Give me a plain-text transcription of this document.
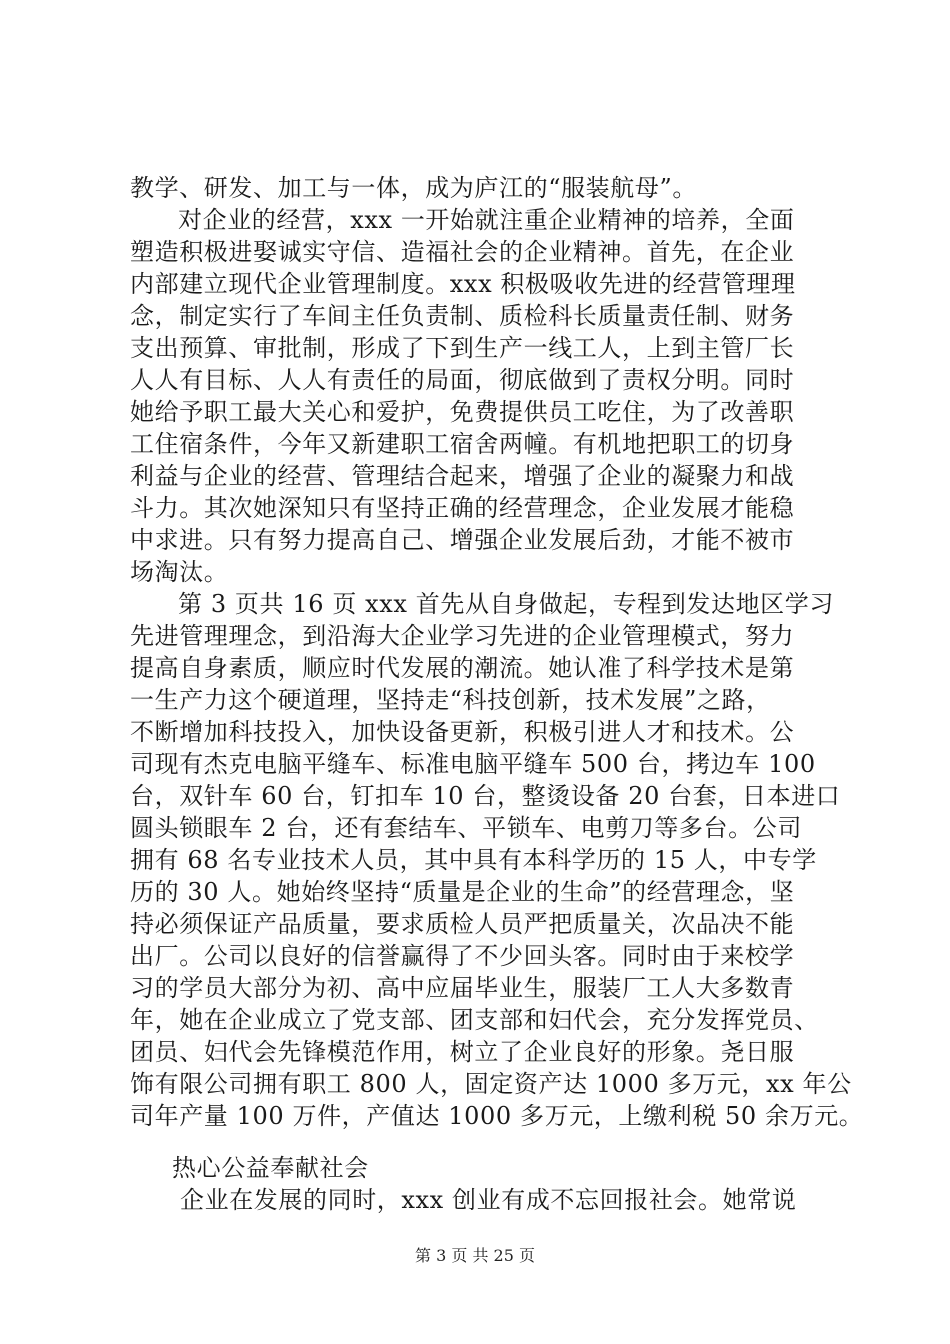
教学、研发、加工与一体，成为庐江的“服装航母”。
对企业的经营，xxx 一开始就注重企业精神的培养，全面
塑造积极进娶诚实守信、造福社会的企业精神。首先，在企业
内部建立现代企业管理制度。xxx 积极吸收先进的经营管理理
念，制定实行了车间主任负责制、质检科长质量责任制、财务
支出预算、审批制，形成了下到生产一线工人，上到主管厂长
人人有目标、人人有责任的局面，彻底做到了责权分明。同时
她给予职工最大关心和爱护，免费提供员工吃住，为了改善职
工住宿条件，今年又新建职工宿舍两幢。有机地把职工的切身
利益与企业的经营、管理结合起来，增强了企业的凝聚力和战
斗力。其次她深知只有坚持正确的经营理念，企业发展才能稳
中求进。只有努力提高自己、增强企业发展后劲，才能不被市
场淘汰。
第 3 页共 16 页 xxx 首先从自身做起，专程到发达地区学习
先进管理理念，到沿海大企业学习先进的企业管理模式，努力
提高自身素质，顺应时代发展的潮流。她认准了科学技术是第
一生产力这个硬道理，坚持走“科技创新，技术发展”之路，
不断增加科技投入，加快设备更新，积极引进人才和技术。公
司现有杰克电脑平缝车、标准电脑平缝车 500 台，拷边车 100
台，双针车 60 台，钉扣车 10 台，整烫设备 20 台套，日本进口
圆头锁眼车 2 台，还有套结车、平锁车、电剪刀等多台。公司
拥有 68 名专业技术人员，其中具有本科学历的 15 人，中专学
历的 30 人。她始终坚持“质量是企业的生命”的经营理念，坚
持必须保证产品质量，要求质检人员严把质量关，次品决不能
出厂。公司以良好的信誉赢得了不少回头客。同时由于来校学
习的学员大部分为初、高中应届毕业生，服装厂工人大多数青
年，她在企业成立了党支部、团支部和妇代会，充分发挥党员、
团员、妇代会先锋模范作用，树立了企业良好的形象。尧日服
饰有限公司拥有职工 800 人，固定资产达 1000 多万元，xx 年公
司年产量 100 万件，产值达 1000 多万元，上缴利税 50 余万元。
热心公益奉献社会
企业在发展的同时，xxx 创业有成不忘回报社会。她常说
第 3 页 共 25 页
